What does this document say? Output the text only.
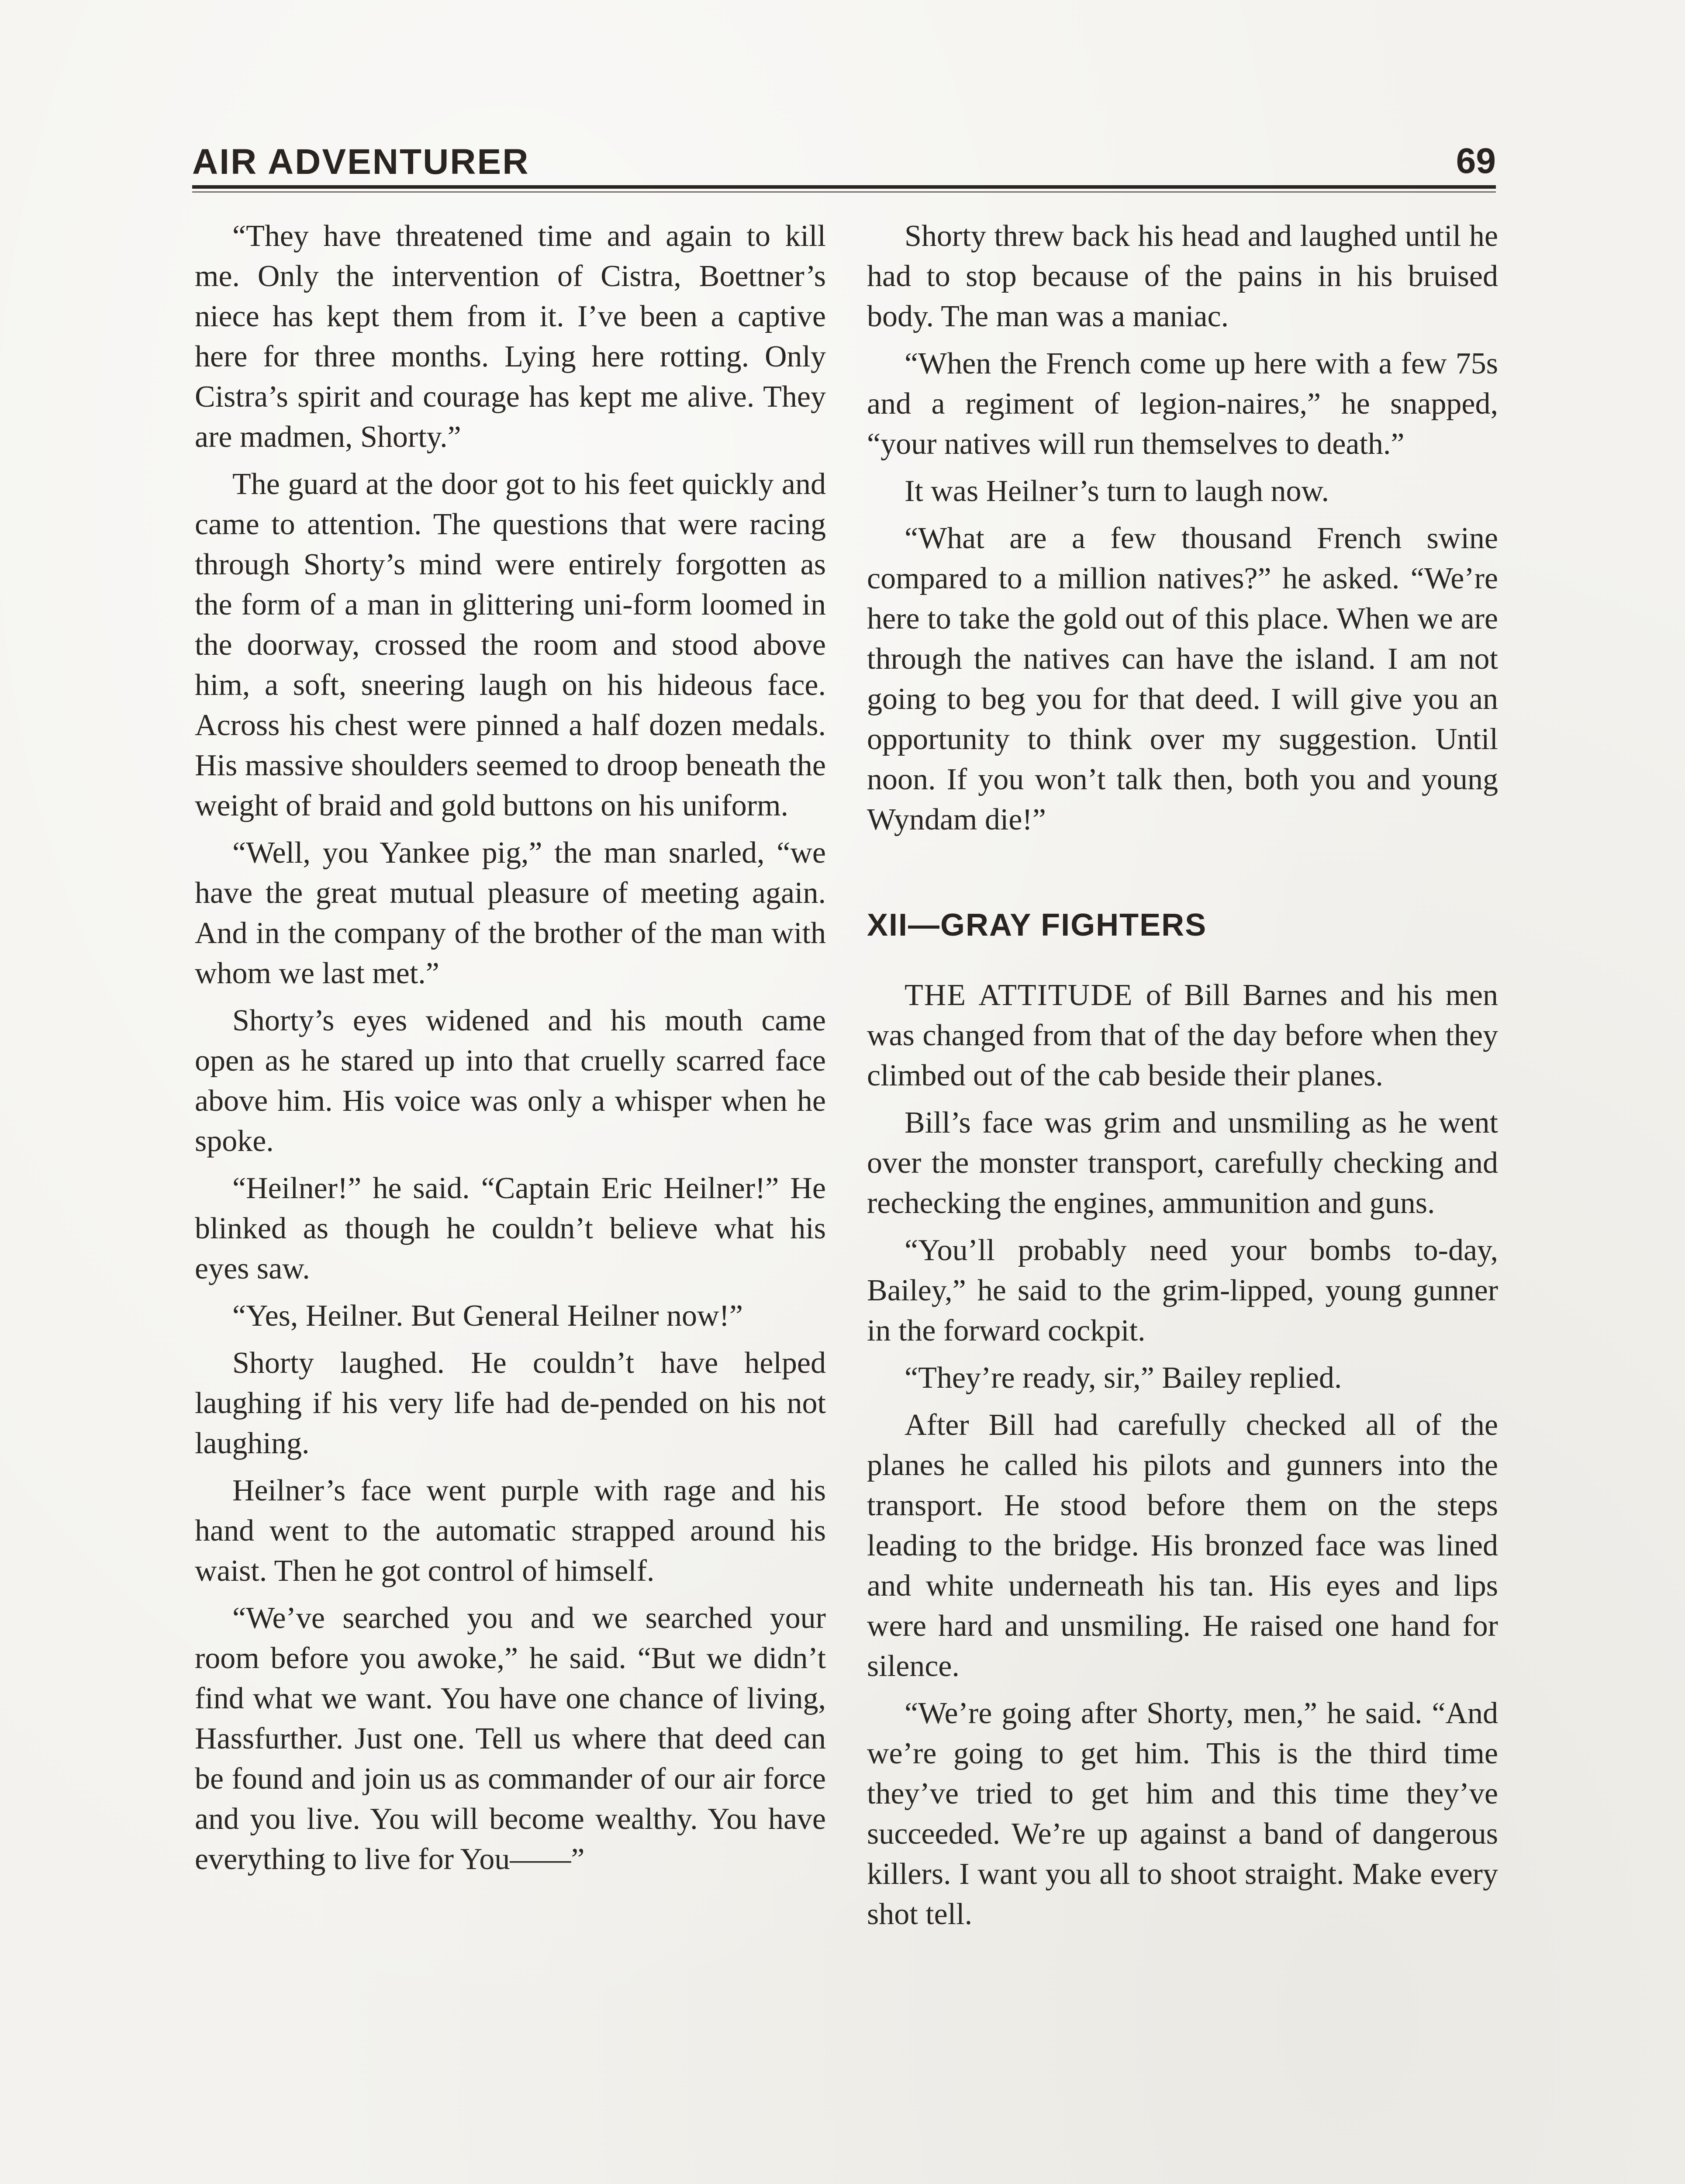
AIR ADVENTURER	69

“They have threatened time and again to kill me. Only the intervention of Cistra, Boettner’s niece has kept them from it. I’ve been a captive here for three months. Lying here rotting. Only Cistra’s spirit and courage has kept me alive. They are madmen, Shorty.”

The guard at the door got to his feet quickly and came to attention. The questions that were racing through Shorty’s mind were entirely forgotten as the form of a man in glittering uni-form loomed in the doorway, crossed the room and stood above him, a soft, sneering laugh on his hideous face. Across his chest were pinned a half dozen medals. His massive shoulders seemed to droop beneath the weight of braid and gold buttons on his uniform.

“Well, you Yankee pig,” the man snarled, “we have the great mutual pleasure of meeting again. And in the company of the brother of the man with whom we last met.”

Shorty’s eyes widened and his mouth came open as he stared up into that cruelly scarred face above him. His voice was only a whisper when he spoke.

“Heilner!” he said. “Captain Eric Heilner!” He blinked as though he couldn’t believe what his eyes saw.

“Yes, Heilner. But General Heilner now!”

Shorty laughed. He couldn’t have helped laughing if his very life had de-pended on his not laughing.

Heilner’s face went purple with rage and his hand went to the automatic strapped around his waist. Then he got control of himself.

“We’ve searched you and we searched your room before you awoke,” he said. “But we didn’t find what we want. You have one chance of living, Hassfurther. Just one. Tell us where that deed can be found and join us as commander of our air force and you live. You will become wealthy. You have everything to live for You——”

Shorty threw back his head and laughed until he had to stop because of the pains in his bruised body. The man was a maniac.

“When the French come up here with a few 75s and a regiment of legion-naires,” he snapped, “your natives will run themselves to death.”

It was Heilner’s turn to laugh now.

“What are a few thousand French swine compared to a million natives?” he asked. “We’re here to take the gold out of this place. When we are through the natives can have the island. I am not going to beg you for that deed. I will give you an opportunity to think over my suggestion. Until noon. If you won’t talk then, both you and young Wyndam die!”

XII—GRAY FIGHTERS

THE ATTITUDE of Bill Barnes and his men was changed from that of the day before when they climbed out of the cab beside their planes.

Bill’s face was grim and unsmiling as he went over the monster transport, carefully checking and rechecking the engines, ammunition and guns.

“You’ll probably need your bombs to-day, Bailey,” he said to the grim-lipped, young gunner in the forward cockpit.

“They’re ready, sir,” Bailey replied.

After Bill had carefully checked all of the planes he called his pilots and gunners into the transport. He stood before them on the steps leading to the bridge. His bronzed face was lined and white underneath his tan. His eyes and lips were hard and unsmiling. He raised one hand for silence.

“We’re going after Shorty, men,” he said. “And we’re going to get him. This is the third time they’ve tried to get him and this time they’ve succeeded. We’re up against a band of dangerous killers. I want you all to shoot straight. Make every shot tell.
